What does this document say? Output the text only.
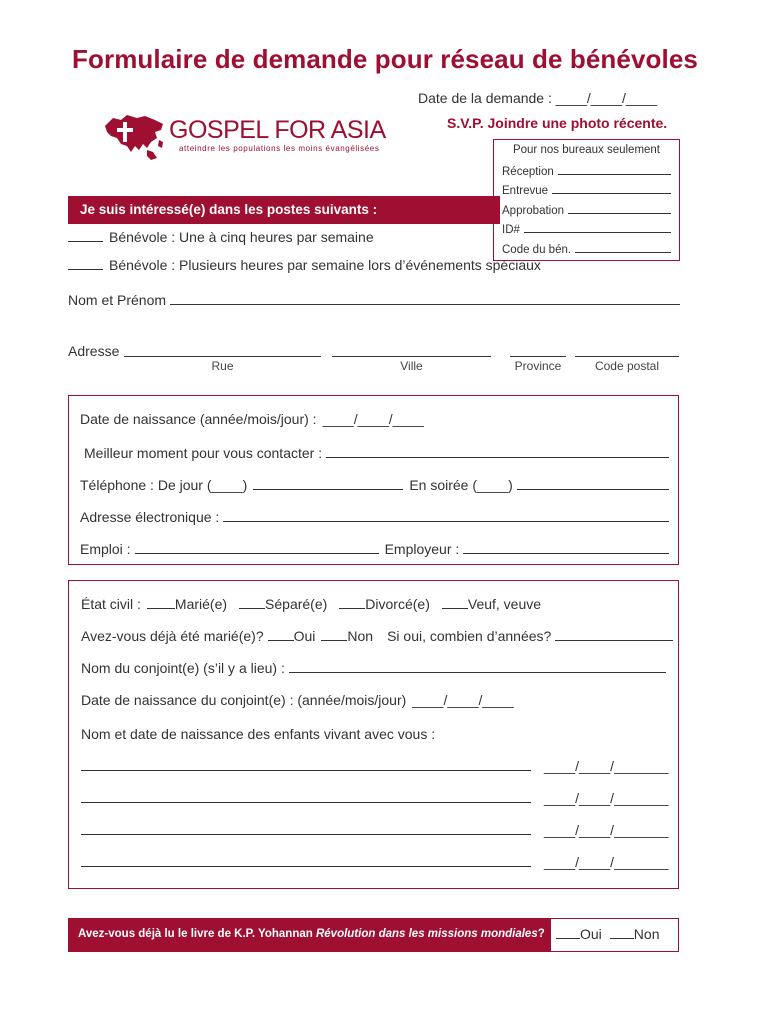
Formulaire de demande pour réseau de bénévoles
Date de la demande : ____/____/____
S.V.P. Joindre une photo récente.
GOSPEL FOR ASIA
atteindre les populations les moins évangélisées	Pour nos bureaux seulement
Réception
Entrevue
Approbation
ID#
Code du bén.
Je suis intéressé(e) dans les postes suivants :
Bénévole : Une à cinq heures par semaine
Bénévole : Plusieurs heures par semaine lors d’événements spéciaux
Nom et Prénom
Adresse
Rue	Ville	Province	Code postal
Date de naissance (année/mois/jour) : ____/____/____
Meilleur moment pour vous contacter :
Téléphone : De jour (____)	En soirée (____)
Adresse électronique :
Emploi :	Employeur :
État civil : Marié(e)	Séparé(e)	Divorcé(e)	Veuf, veuve
Avez-vous déjà été marié(e)? Oui Non Si oui, combien d’années?
Nom du conjoint(e) (s’il y a lieu) :
Date de naissance du conjoint(e) : (année/mois/jour) ____/____/____
Nom et date de naissance des enfants vivant avec vous :
____/____/_______
____/____/_______
____/____/_______
____/____/_______
Avez-vous déjà lu le livre de K.P. Yohannan Révolution dans les missions mondiales?	Oui Non
